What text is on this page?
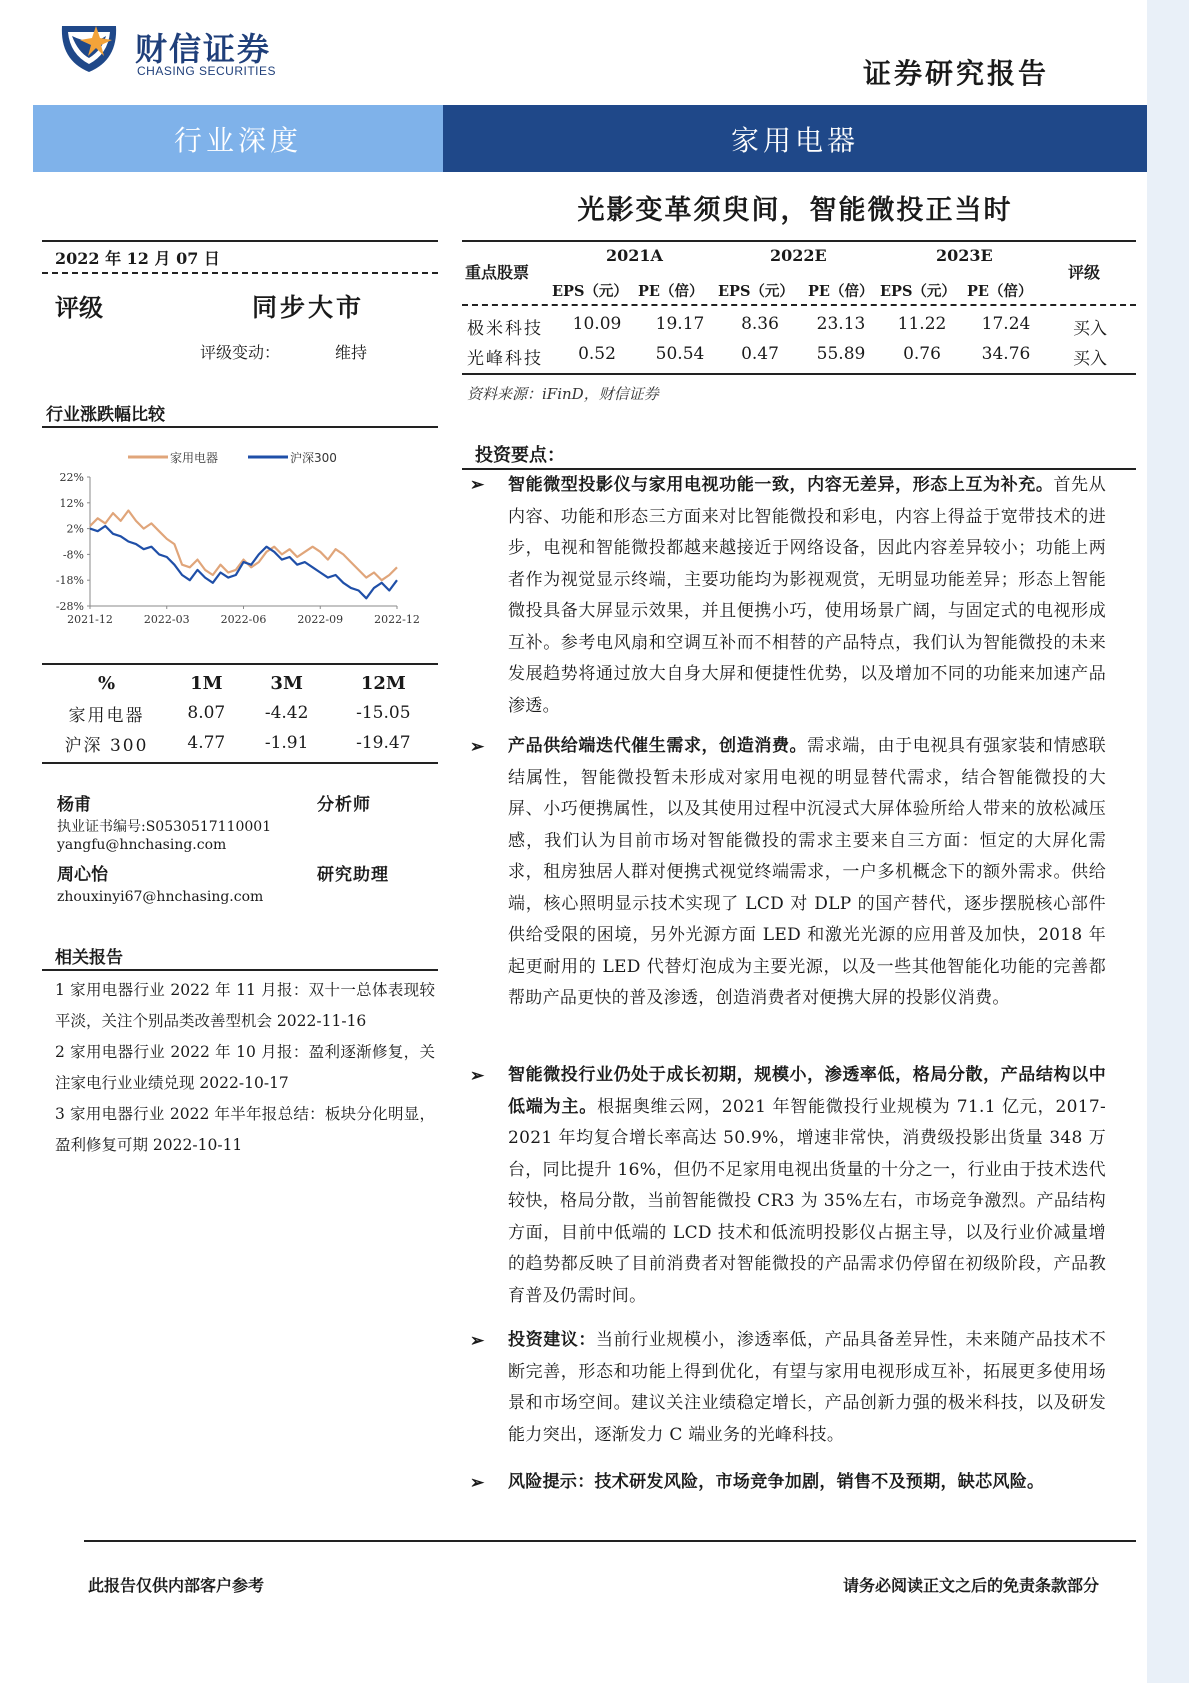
财信证券
CHASING SECURITIES	证券研究报告
行业深度	家用电器
光影变革须臾间，智能微投正当时
2022 年 12 月 07 日
评级	同步大市
评级变动：	维持
行业涨跌幅比较
家用电器	沪深300
22%
12%
2%
-8%
-18%
-28%
2021-12	2022-03	2022-06	2022-09	2022-12
%	1M	3M	12M
家用电器	8.07	-4.42	-15.05
沪深 300	4.77	-1.91	-19.47
杨甫	分析师
执业证书编号:S0530517110001
yangfu@hnchasing.com
周心怡	研究助理
zhouxinyi67@hnchasing.com
相关报告
1 家用电器行业 2022 年 11 月报：双十一总体表现较平淡，关注个别品类改善型机会 2022-11-16
2 家用电器行业 2022 年 10 月报：盈利逐渐修复，关注家电行业业绩兑现 2022-10-17
3 家用电器行业 2022 年半年报总结：板块分化明显，盈利修复可期 2022-10-11
重点股票
2021A	2022E	2023E
评级
EPS（元） PE（倍） EPS（元） PE（倍） EPS（元） PE（倍）
极米科技	10.09	19.17	8.36	23.13	11.22	17.24	买入
光峰科技	0.52	50.54	0.47	55.89	0.76	34.76	买入
资料来源：iFinD，财信证券
投资要点：
➢ 智能微型投影仪与家用电视功能一致，内容无差异，形态上互为补充。首先从内容、功能和形态三方面来对比智能微投和彩电，内容上得益于宽带技术的进步，电视和智能微投都越来越接近于网络设备，因此内容差异较小；功能上两者作为视觉显示终端，主要功能均为影视观赏，无明显功能差异；形态上智能微投具备大屏显示效果，并且便携小巧，使用场景广阔，与固定式的电视形成互补。参考电风扇和空调互补而不相替的产品特点，我们认为智能微投的未来发展趋势将通过放大自身大屏和便捷性优势，以及增加不同的功能来加速产品渗透。
➢ 产品供给端迭代催生需求，创造消费。需求端，由于电视具有强家装和情感联结属性，智能微投暂未形成对家用电视的明显替代需求，结合智能微投的大屏、小巧便携属性，以及其使用过程中沉浸式大屏体验所给人带来的放松减压感，我们认为目前市场对智能微投的需求主要来自三方面：恒定的大屏化需求，租房独居人群对便携式视觉终端需求，一户多机概念下的额外需求。供给端，核心照明显示技术实现了 LCD 对 DLP 的国产替代，逐步摆脱核心部件供给受限的困境，另外光源方面 LED 和激光光源的应用普及加快，2018 年起更耐用的 LED 代替灯泡成为主要光源，以及一些其他智能化功能的完善都帮助产品更快的普及渗透，创造消费者对便携大屏的投影仪消费。
➢ 智能微投行业仍处于成长初期，规模小，渗透率低，格局分散，产品结构以中低端为主。根据奥维云网，2021 年智能微投行业规模为 71.1 亿元，2017-2021 年均复合增长率高达 50.9%，增速非常快，消费级投影出货量 348 万台，同比提升 16%，但仍不足家用电视出货量的十分之一，行业由于技术迭代较快，格局分散，当前智能微投 CR3 为 35%左右，市场竞争激烈。产品结构方面，目前中低端的 LCD 技术和低流明投影仪占据主导，以及行业价减量增的趋势都反映了目前消费者对智能微投的产品需求仍停留在初级阶段，产品教育普及仍需时间。
➢ 投资建议：当前行业规模小，渗透率低，产品具备差异性，未来随产品技术不断完善，形态和功能上得到优化，有望与家用电视形成互补，拓展更多使用场景和市场空间。建议关注业绩稳定增长，产品创新力强的极米科技，以及研发能力突出，逐渐发力 C 端业务的光峰科技。
➢ 风险提示：技术研发风险，市场竞争加剧，销售不及预期，缺芯风险。
此报告仅供内部客户参考	请务必阅读正文之后的免责条款部分
